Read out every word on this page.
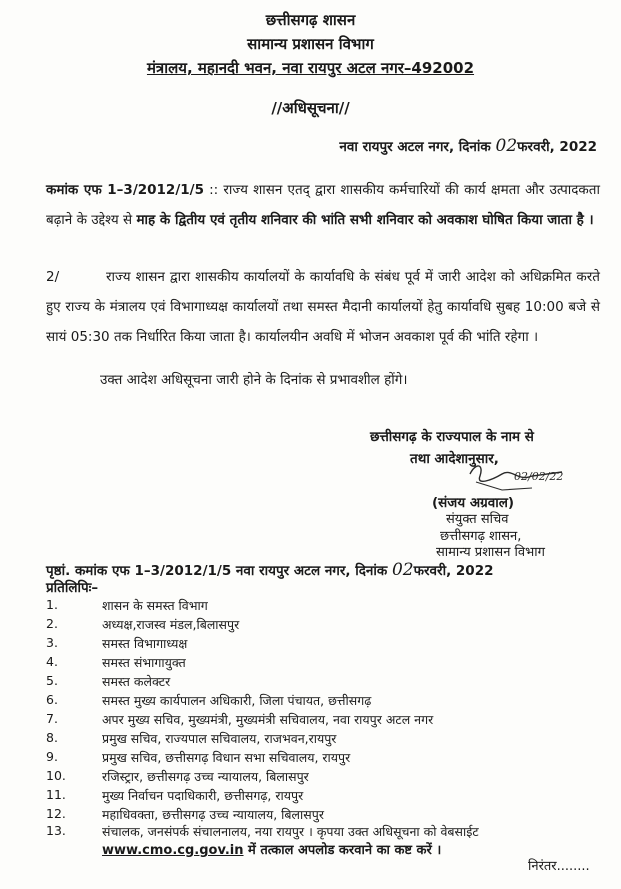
छत्तीसगढ़ शासन
सामान्य प्रशासन विभाग
मंत्रालय, महानदी भवन, नवा रायपुर अटल नगर–492002
//अधिसूचना//
नवा रायपुर अटल नगर, दिनांक 02फरवरी, 2022
कमांक एफ 1–3/2012/1/5 :: राज्य शासन एतद् द्वारा शासकीय कर्मचारियों की कार्य क्षमता और उत्पादकता बढ़ाने के उद्देश्य से माह के द्वितीय एवं तृतीय शनिवार की भांति सभी शनिवार को अवकाश घोषित किया जाता है ।
2/	राज्य शासन द्वारा शासकीय कार्यालयों के कार्यावधि के संबंध पूर्व में जारी आदेश को अधिक्रमित करते हुए राज्य के मंत्रालय एवं विभागाध्यक्ष कार्यालयों तथा समस्त मैदानी कार्यालयों हेतु कार्यावधि सुबह 10:00 बजे से सायं 05:30 तक निर्धारित किया जाता है। कार्यालयीन अवधि में भोजन अवकाश पूर्व की भांति रहेगा ।
उक्त आदेश अधिसूचना जारी होने के दिनांक से प्रभावशील होंगे।
छत्तीसगढ़ के राज्यपाल के नाम से
तथा आदेशानुसार,
02/02/22
(संजय अग्रवाल)
संयुक्त सचिव
छत्तीसगढ़ शासन,
सामान्य प्रशासन विभाग
पृष्ठां. कमांक एफ 1–3/2012/1/5 नवा रायपुर अटल नगर, दिनांक 02फरवरी, 2022
प्रतिलिपिः–
1.	शासन के समस्त विभाग
2.	अध्यक्ष,राजस्व मंडल,बिलासपुर
3.	समस्त विभागाध्यक्ष
4.	समस्त संभागायुक्त
5.	समस्त कलेक्टर
6.	समस्त मुख्य कार्यपालन अधिकारी, जिला पंचायत, छत्तीसगढ़
7.	अपर मुख्य सचिव, मुख्यमंत्री, मुख्यमंत्री सचिवालय, नवा रायपुर अटल नगर
8.	प्रमुख सचिव, राज्यपाल सचिवालय, राजभवन,रायपुर
9.	प्रमुख सचिव, छत्तीसगढ़ विधान सभा सचिवालय, रायपुर
10.	रजिस्ट्रार, छत्तीसगढ़ उच्च न्यायालय, बिलासपुर
11.	मुख्य निर्वाचन पदाधिकारी, छत्तीसगढ़, रायपुर
12.	महाधिवक्ता, छत्तीसगढ़ उच्च न्यायालय, बिलासपुर
13.	संचालक, जनसंपर्क संचालनालय, नया रायपुर । कृपया उक्त अधिसूचना को वेबसाईट
www.cmo.cg.gov.in में तत्काल अपलोड करवाने का कष्ट करें ।
निरंतर........
